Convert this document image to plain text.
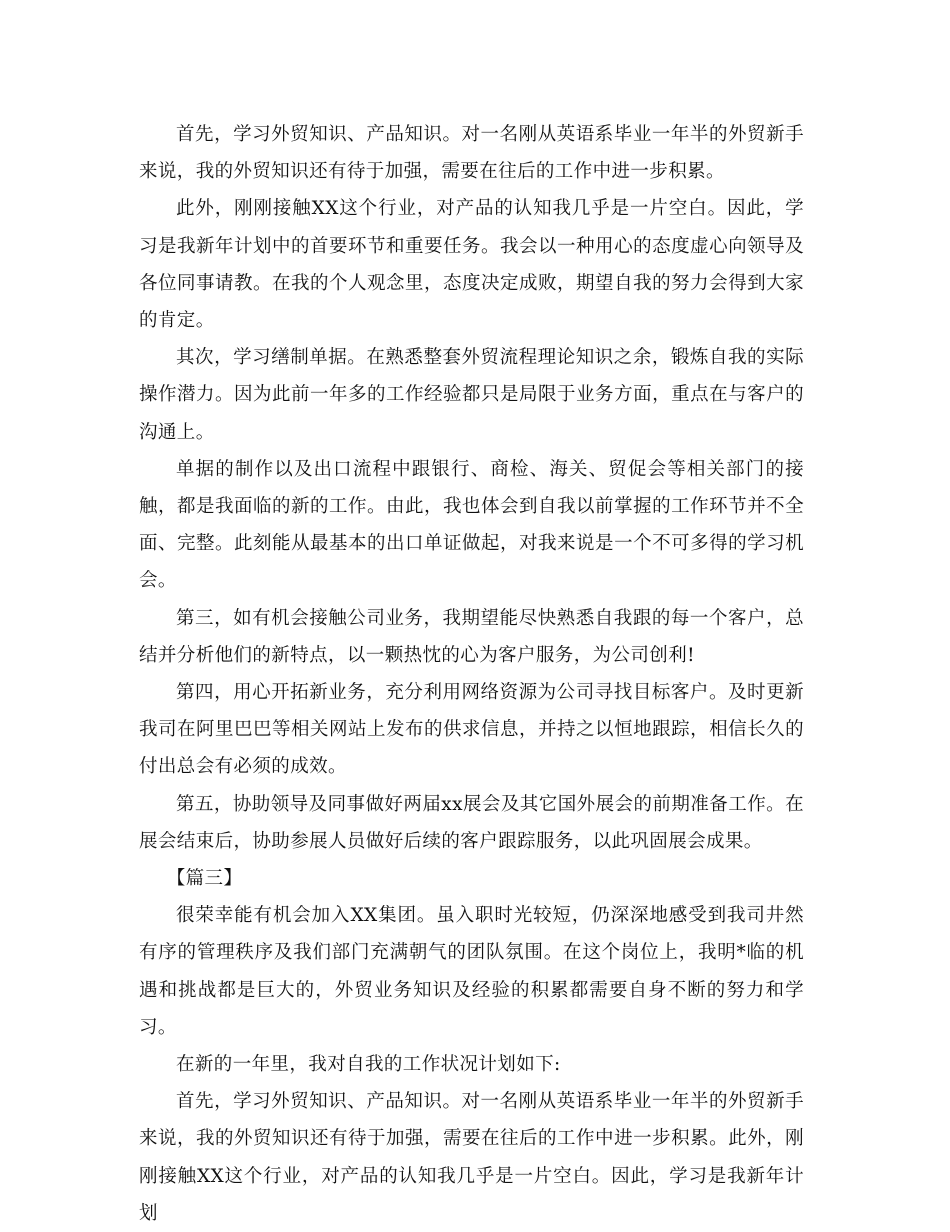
首先，学习外贸知识、产品知识。对一名刚从英语系毕业一年半的外贸新手来说，我的外贸知识还有待于加强，需要在往后的工作中进一步积累。

此外，刚刚接触XX这个行业，对产品的认知我几乎是一片空白。因此，学习是我新年计划中的首要环节和重要任务。我会以一种用心的态度虚心向领导及各位同事请教。在我的个人观念里，态度决定成败，期望自我的努力会得到大家的肯定。

其次，学习缮制单据。在熟悉整套外贸流程理论知识之余，锻炼自我的实际操作潜力。因为此前一年多的工作经验都只是局限于业务方面，重点在与客户的沟通上。

单据的制作以及出口流程中跟银行、商检、海关、贸促会等相关部门的接触，都是我面临的新的工作。由此，我也体会到自我以前掌握的工作环节并不全面、完整。此刻能从最基本的出口单证做起，对我来说是一个不可多得的学习机会。

第三，如有机会接触公司业务，我期望能尽快熟悉自我跟的每一个客户，总结并分析他们的新特点，以一颗热忱的心为客户服务，为公司创利!

第四，用心开拓新业务，充分利用网络资源为公司寻找目标客户。及时更新我司在阿里巴巴等相关网站上发布的供求信息，并持之以恒地跟踪，相信长久的付出总会有必须的成效。

第五，协助领导及同事做好两届xx展会及其它国外展会的前期准备工作。在展会结束后，协助参展人员做好后续的客户跟踪服务，以此巩固展会成果。

【篇三】

很荣幸能有机会加入XX集团。虽入职时光较短，仍深深地感受到我司井然有序的管理秩序及我们部门充满朝气的团队氛围。在这个岗位上，我明*临的机遇和挑战都是巨大的，外贸业务知识及经验的积累都需要自身不断的努力和学习。

在新的一年里，我对自我的工作状况计划如下:

首先，学习外贸知识、产品知识。对一名刚从英语系毕业一年半的外贸新手来说，我的外贸知识还有待于加强，需要在往后的工作中进一步积累。此外，刚刚接触XX这个行业，对产品的认知我几乎是一片空白。因此，学习是我新年计划
